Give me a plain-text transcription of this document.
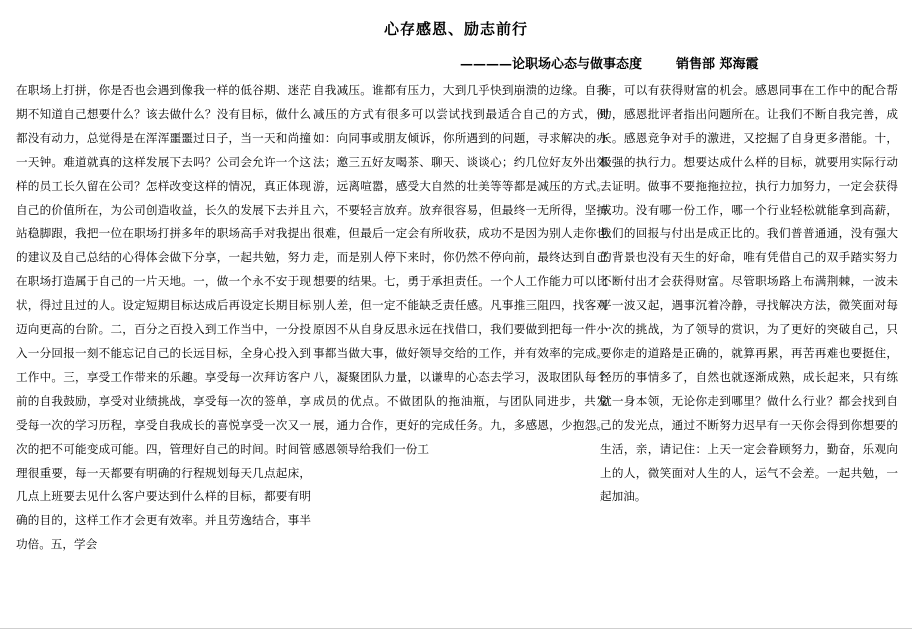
心存感恩、励志前行
————论职场心态与做事态度	销售部 郑海霞
在职场上打拼，你是否也会遇到像我一样的低谷期、迷茫期不知道自己想要什么？该去做什么？没有目标，做什么都没有动力，总觉得是在浑浑噩噩过日子，当一天和尚撞一天钟。难道就真的这样发展下去吗？公司会允许一个这样的员工长久留在公司？怎样改变这样的情况，真正体现自己的价值所在，为公司创造收益，长久的发展下去并且站稳脚跟，我把一位在职场打拼多年的职场高手对我提出的建议及自己总结的心得体会做下分享，一起共勉，努力在职场打造属于自己的一片天地。一，做一个永不安于现状，得过且过的人。设定短期目标达成后再设定长期目标迈向更高的台阶。二，百分之百投入到工作当中，一分投入一分回报一刻不能忘记自己的长远目标，全身心投入到工作中。三，享受工作带来的乐趣。享受每一次拜访客户前的自我鼓励，享受对业绩挑战，享受每一次的签单，享受每一次的学习历程，享受自我成长的喜悦享受一次又一次的把不可能变成可能。四，管理好自己的时间。时间管理很重要，每一天都要有明确的行程规划每天几点起床，几点上班要去见什么客户要达到什么样的目标，都要有明确的目的，这样工作才会更有效率。并且劳逸结合，事半功倍。五，学会
自我减压。谁都有压力，大到几乎快到崩溃的边缘。自我减压的方式有很多可以尝试找到最适合自己的方式，例如：向同事或朋友倾诉，你所遇到的问题，寻求解决的办法；邀三五好友喝茶、聊天、谈谈心；约几位好友外出郊游，远离喧嚣，感受大自然的壮美等等都是减压的方式。六，不要轻言放弃。放弃很容易，但最终一无所得，坚持很难，但最后一定会有所收获，成功不是因为别人走你也走，而是别人停下来时，你仍然不停向前，最终达到自己想要的结果。七，勇于承担责任。一个人工作能力可以比别人差，但一定不能缺乏责任感。凡事推三阻四，找客观原因不从自身反思永远在找借口，我们要做到把每一件小事都当做大事，做好领导交给的工作，并有效率的完成。八，凝聚团队力量，以谦卑的心态去学习，汲取团队每个成员的优点。不做团队的拖油瓶，与团队同进步，共发展，通力合作，更好的完成任务。九，多感恩，少抱怨。感恩领导给我们一份工
作，可以有获得财富的机会。感恩同事在工作中的配合帮助，感恩批评者指出问题所在。让我们不断自我完善，成长。感恩竞争对手的激进，又挖掘了自身更多潜能。十，极强的执行力。想要达成什么样的目标，就要用实际行动去证明。做事不要拖拖拉拉，执行力加努力，一定会获得成功。没有哪一份工作，哪一个行业轻松就能拿到高薪，我们的回报与付出是成正比的。我们普普通通，没有强大的背景也没有天生的好命，唯有凭借自己的双手踏实努力不断付出才会获得财富。尽管职场路上布满荆棘，一波未平一波又起，遇事沉着冷静，寻找解决方法，微笑面对每一次的挑战，为了领导的赏识，为了更好的突破自己，只要你走的道路是正确的，就算再累，再苦再难也要挺住，经历的事情多了，自然也就逐渐成熟，成长起来，只有练就一身本领，无论你走到哪里？做什么行业？都会找到自己的发光点，通过不断努力迟早有一天你会得到你想要的生活，亲，请记住：上天一定会眷顾努力，勤奋，乐观向上的人，微笑面对人生的人，运气不会差。一起共勉，一起加油。
